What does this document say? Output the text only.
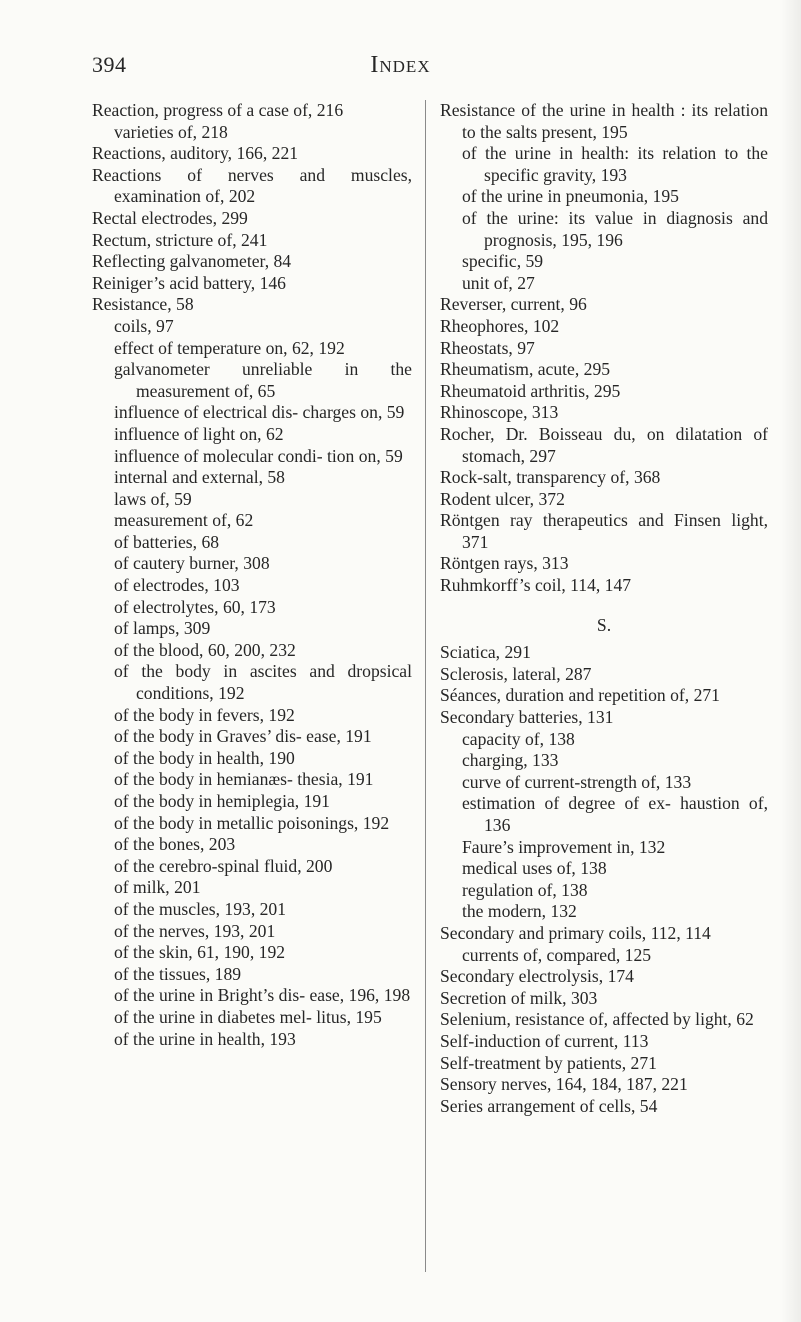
394	Index
Reaction, progress of a case of, 216
varieties of, 218
Reactions, auditory, 166, 221
Reactions of nerves and muscles, examination of, 202
Rectal electrodes, 299
Rectum, stricture of, 241
Reflecting galvanometer, 84
Reiniger’s acid battery, 146
Resistance, 58
coils, 97
effect of temperature on, 62, 192
galvanometer unreliable in the measurement of, 65
influence of electrical dis- charges on, 59
influence of light on, 62
influence of molecular condi- tion on, 59
internal and external, 58
laws of, 59
measurement of, 62
of batteries, 68
of cautery burner, 308
of electrodes, 103
of electrolytes, 60, 173
of lamps, 309
of the blood, 60, 200, 232
of the body in ascites and dropsical conditions, 192
of the body in fevers, 192
of the body in Graves’ dis- ease, 191
of the body in health, 190
of the body in hemianæs- thesia, 191
of the body in hemiplegia, 191
of the body in metallic poisonings, 192
of the bones, 203
of the cerebro-spinal fluid, 200
of milk, 201
of the muscles, 193, 201
of the nerves, 193, 201
of the skin, 61, 190, 192
of the tissues, 189
of the urine in Bright’s dis- ease, 196, 198
of the urine in diabetes mel- litus, 195
of the urine in health, 193
Resistance of the urine in health : its relation to the salts present, 195
of the urine in health: its relation to the specific gravity, 193
of the urine in pneumonia, 195
of the urine: its value in diagnosis and prognosis, 195, 196
specific, 59
unit of, 27
Reverser, current, 96
Rheophores, 102
Rheostats, 97
Rheumatism, acute, 295
Rheumatoid arthritis, 295
Rhinoscope, 313
Rocher, Dr. Boisseau du, on dilatation of stomach, 297
Rock-salt, transparency of, 368
Rodent ulcer, 372
Röntgen ray therapeutics and Finsen light, 371
Röntgen rays, 313
Ruhmkorff’s coil, 114, 147
S.
Sciatica, 291
Sclerosis, lateral, 287
Séances, duration and repetition of, 271
Secondary batteries, 131
capacity of, 138
charging, 133
curve of current-strength of, 133
estimation of degree of ex- haustion of, 136
Faure’s improvement in, 132
medical uses of, 138
regulation of, 138
the modern, 132
Secondary and primary coils, 112, 114
currents of, compared, 125
Secondary electrolysis, 174
Secretion of milk, 303
Selenium, resistance of, affected by light, 62
Self-induction of current, 113
Self-treatment by patients, 271
Sensory nerves, 164, 184, 187, 221
Series arrangement of cells, 54
